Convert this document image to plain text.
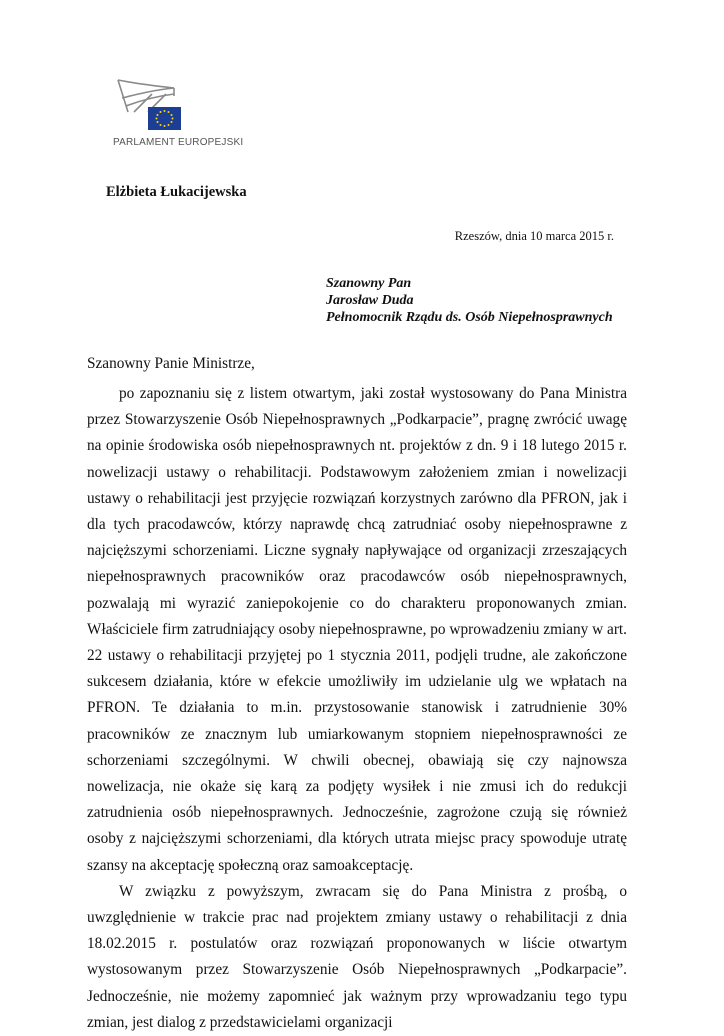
PARLAMENT EUROPEJSKI
Elżbieta Łukacijewska
Rzeszów, dnia 10 marca 2015 r.
Szanowny Pan
Jarosław Duda
Pełnomocnik Rządu ds. Osób Niepełnosprawnych
Szanowny Panie Ministrze,

po zapoznaniu się z listem otwartym, jaki został wystosowany do Pana Ministra przez Stowarzyszenie Osób Niepełnosprawnych „Podkarpacie”, pragnę zwrócić uwagę na opinie środowiska osób niepełnosprawnych nt. projektów z dn. 9 i 18 lutego 2015 r. nowelizacji ustawy o rehabilitacji. Podstawowym założeniem zmian i nowelizacji ustawy o rehabilitacji jest przyjęcie rozwiązań korzystnych zarówno dla PFRON, jak i dla tych pracodawców, którzy naprawdę chcą zatrudniać osoby niepełnosprawne z najcięższymi schorzeniami. Liczne sygnały napływające od organizacji zrzeszających niepełnosprawnych pracowników oraz pracodawców osób niepełnosprawnych, pozwalają mi wyrazić zaniepokojenie co do charakteru proponowanych zmian. Właściciele firm zatrudniający osoby niepełnosprawne, po wprowadzeniu zmiany w art. 22 ustawy o rehabilitacji przyjętej po 1 stycznia 2011, podjęli trudne, ale zakończone sukcesem działania, które w efekcie umożliwiły im udzielanie ulg we wpłatach na PFRON. Te działania to m.in. przystosowanie stanowisk i zatrudnienie 30% pracowników ze znacznym lub umiarkowanym stopniem niepełnosprawności ze schorzeniami szczególnymi. W chwili obecnej, obawiają się czy najnowsza nowelizacja, nie okaże się karą za podjęty wysiłek i nie zmusi ich do redukcji zatrudnienia osób niepełnosprawnych. Jednocześnie, zagrożone czują się również osoby z najcięższymi schorzeniami, dla których utrata miejsc pracy spowoduje utratę szansy na akceptację społeczną oraz samoakceptację.

W związku z powyższym, zwracam się do Pana Ministra z prośbą, o uwzględnienie w trakcie prac nad projektem zmiany ustawy o rehabilitacji z dnia 18.02.2015 r. postulatów oraz rozwiązań proponowanych w liście otwartym wystosowanym przez Stowarzyszenie Osób Niepełnosprawnych „Podkarpacie”. Jednocześnie, nie możemy zapomnieć jak ważnym przy wprowadzaniu tego typu zmian, jest dialog z przedstawicielami organizacji
